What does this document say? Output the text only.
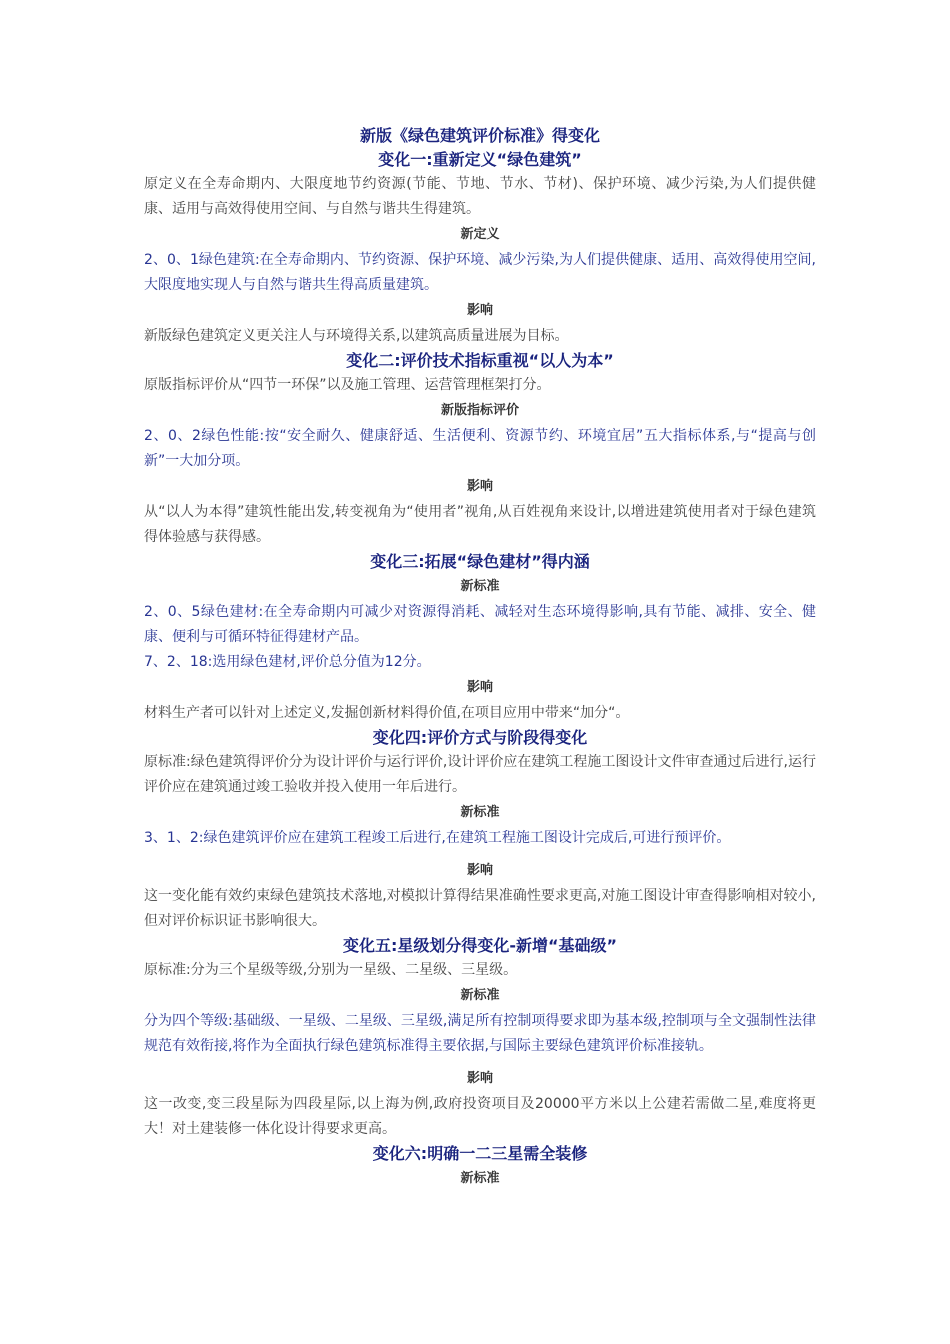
新版《绿色建筑评价标准》得变化
变化一:重新定义“绿色建筑”

原定义在全寿命期内、大限度地节约资源(节能、节地、节水、节材)、保护环境、减少污染,为人们提供健康、适用与高效得使用空间、与自然与谐共生得建筑。

新定义

2、0、1绿色建筑:在全寿命期内、节约资源、保护环境、减少污染,为人们提供健康、适用、高效得使用空间,大限度地实现人与自然与谐共生得高质量建筑。

影响

新版绿色建筑定义更关注人与环境得关系,以建筑高质量进展为目标。

变化二:评价技术指标重视“以人为本”

原版指标评价从“四节一环保”以及施工管理、运营管理框架打分。

新版指标评价

2、0、2绿色性能:按“安全耐久、健康舒适、生活便利、资源节约、环境宜居”五大指标体系,与“提高与创新”一大加分项。

影响

从“以人为本得”建筑性能出发,转变视角为“使用者”视角,从百姓视角来设计,以增进建筑使用者对于绿色建筑得体验感与获得感。

变化三:拓展“绿色建材”得内涵
新标准

2、0、5绿色建材:在全寿命期内可减少对资源得消耗、减轻对生态环境得影响,具有节能、减排、安全、健康、便利与可循环特征得建材产品。

7、2、18:选用绿色建材,评价总分值为12分。

影响

材料生产者可以针对上述定义,发掘创新材料得价值,在项目应用中带来“加分“。

变化四:评价方式与阶段得变化

原标准:绿色建筑得评价分为设计评价与运行评价,设计评价应在建筑工程施工图设计文件审查通过后进行,运行评价应在建筑通过竣工验收并投入使用一年后进行。

新标准

3、1、2:绿色建筑评价应在建筑工程竣工后进行,在建筑工程施工图设计完成后,可进行预评价。

影响

这一变化能有效约束绿色建筑技术落地,对模拟计算得结果准确性要求更高,对施工图设计审查得影响相对较小,但对评价标识证书影响很大。

变化五:星级划分得变化-新增“基础级”

原标准:分为三个星级等级,分别为一星级、二星级、三星级。

新标准

分为四个等级:基础级、一星级、二星级、三星级,满足所有控制项得要求即为基本级,控制项与全文强制性法律规范有效衔接,将作为全面执行绿色建筑标准得主要依据,与国际主要绿色建筑评价标准接轨。

影响

这一改变,变三段星际为四段星际,以上海为例,政府投资项目及20000平方米以上公建若需做二星,难度将更大！对土建装修一体化设计得要求更高。

变化六:明确一二三星需全装修
新标准
